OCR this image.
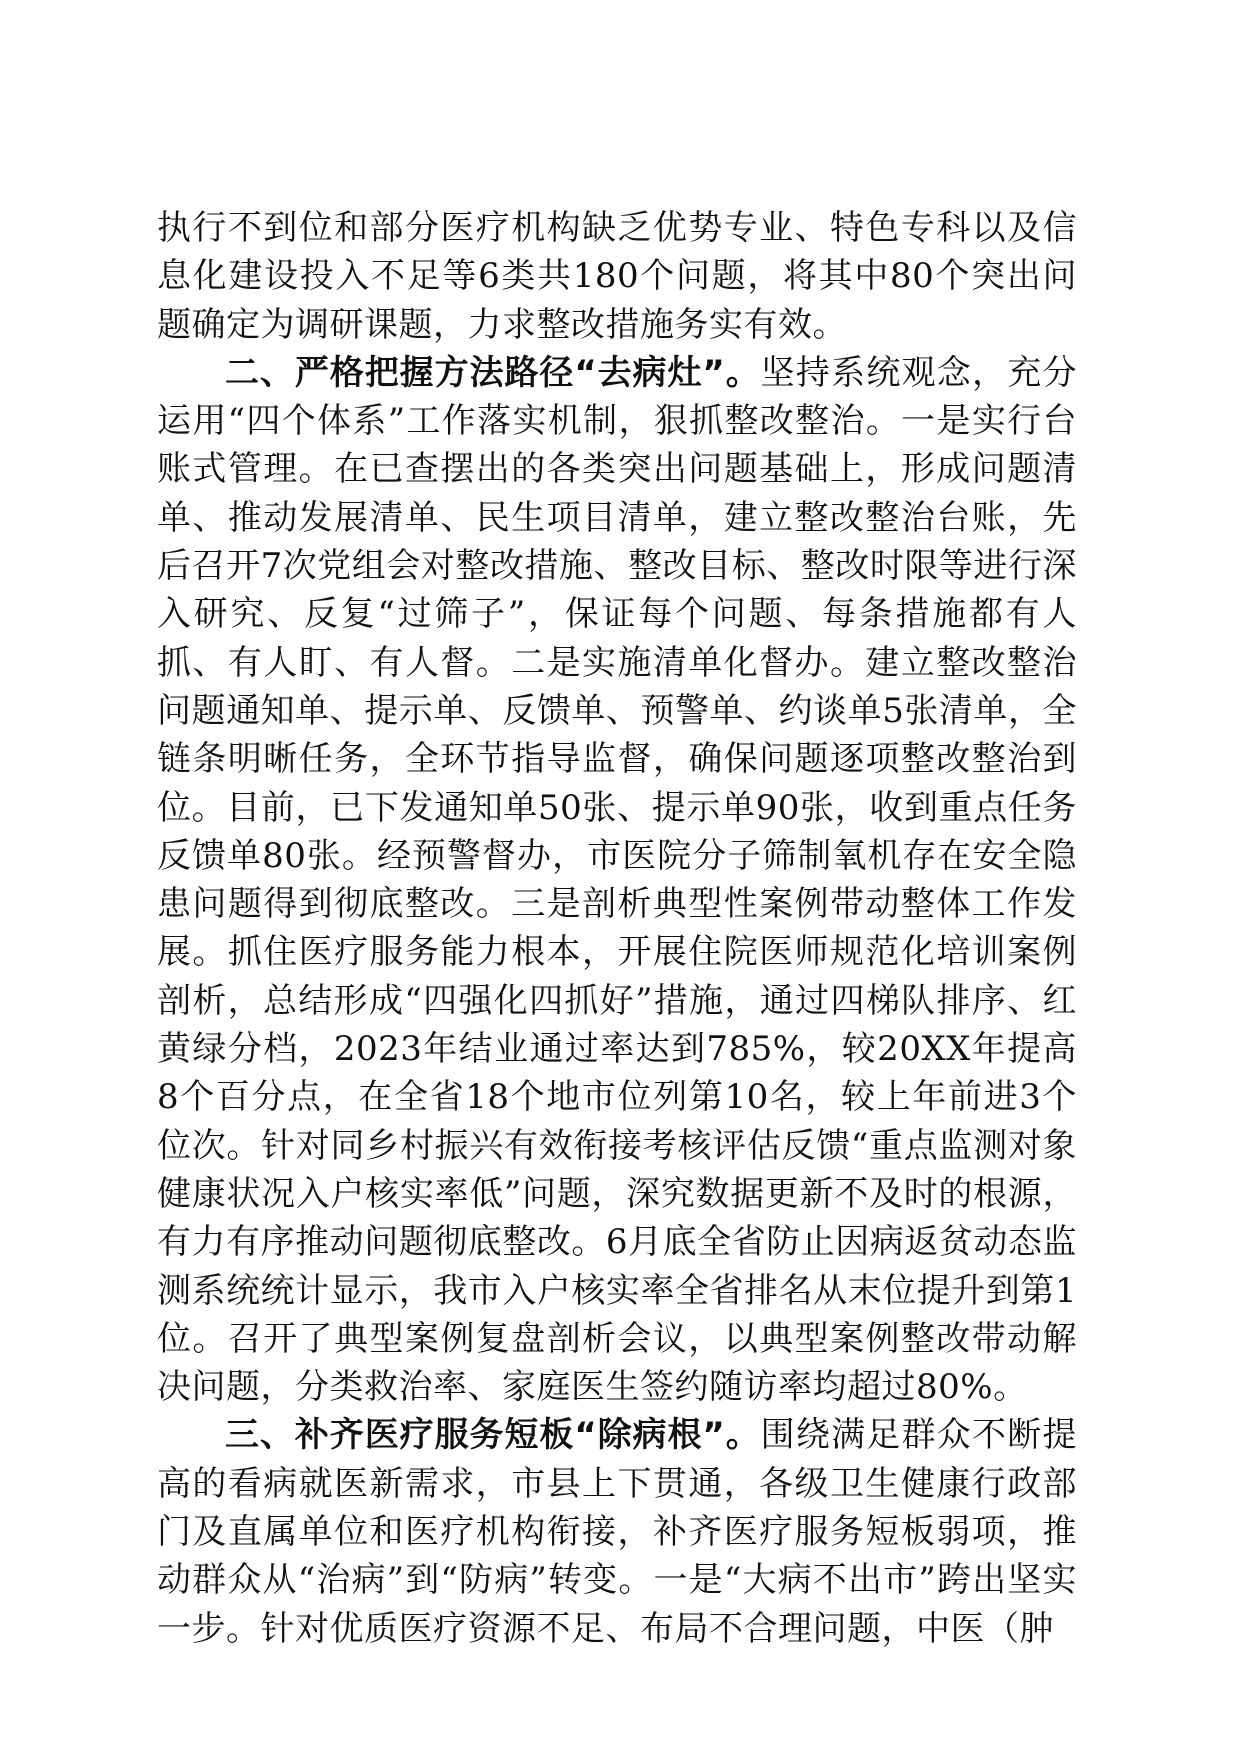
执行不到位和部分医疗机构缺乏优势专业、特色专科以及信息化建设投入不足等6类共180个问题，将其中80个突出问题确定为调研课题，力求整改措施务实有效。

二、严格把握方法路径“去病灶”。坚持系统观念，充分运用“四个体系”工作落实机制，狠抓整改整治。一是实行台账式管理。在已查摆出的各类突出问题基础上，形成问题清单、推动发展清单、民生项目清单，建立整改整治台账，先后召开7次党组会对整改措施、整改目标、整改时限等进行深入研究、反复“过筛子”，保证每个问题、每条措施都有人抓、有人盯、有人督。二是实施清单化督办。建立整改整治问题通知单、提示单、反馈单、预警单、约谈单5张清单，全链条明晰任务，全环节指导监督，确保问题逐项整改整治到位。目前，已下发通知单50张、提示单90张，收到重点任务反馈单80张。经预警督办，市医院分子筛制氧机存在安全隐患问题得到彻底整改。三是剖析典型性案例带动整体工作发展。抓住医疗服务能力根本，开展住院医师规范化培训案例剖析，总结形成“四强化四抓好”措施，通过四梯队排序、红黄绿分档，2023年结业通过率达到785%，较20XX年提高8个百分点，在全省18个地市位列第10名，较上年前进3个位次。针对同乡村振兴有效衔接考核评估反馈“重点监测对象健康状况入户核实率低”问题，深究数据更新不及时的根源，有力有序推动问题彻底整改。6月底全省防止因病返贫动态监测系统统计显示，我市入户核实率全省排名从末位提升到第1位。召开了典型案例复盘剖析会议，以典型案例整改带动解决问题，分类救治率、家庭医生签约随访率均超过80%。

三、补齐医疗服务短板“除病根”。围绕满足群众不断提高的看病就医新需求，市县上下贯通，各级卫生健康行政部门及直属单位和医疗机构衔接，补齐医疗服务短板弱项，推动群众从“治病”到“防病”转变。一是“大病不出市”跨出坚实一步。针对优质医疗资源不足、布局不合理问题，中医（肿
